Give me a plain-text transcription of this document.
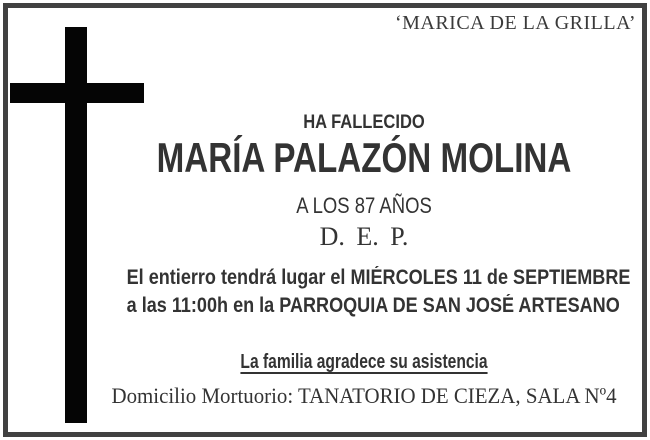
‘MARICA DE LA GRILLA’
HA FALLECIDO
MARÍA PALAZÓN MOLINA
A LOS 87 AÑOS
D. E. P.
El entierro tendrá lugar el MIÉRCOLES 11 de SEPTIEMBRE
a las 11:00h en la PARROQUIA DE SAN JOSÉ ARTESANO
La familia agradece su asistencia
Domicilio Mortuorio: TANATORIO DE CIEZA, SALA Nº4
